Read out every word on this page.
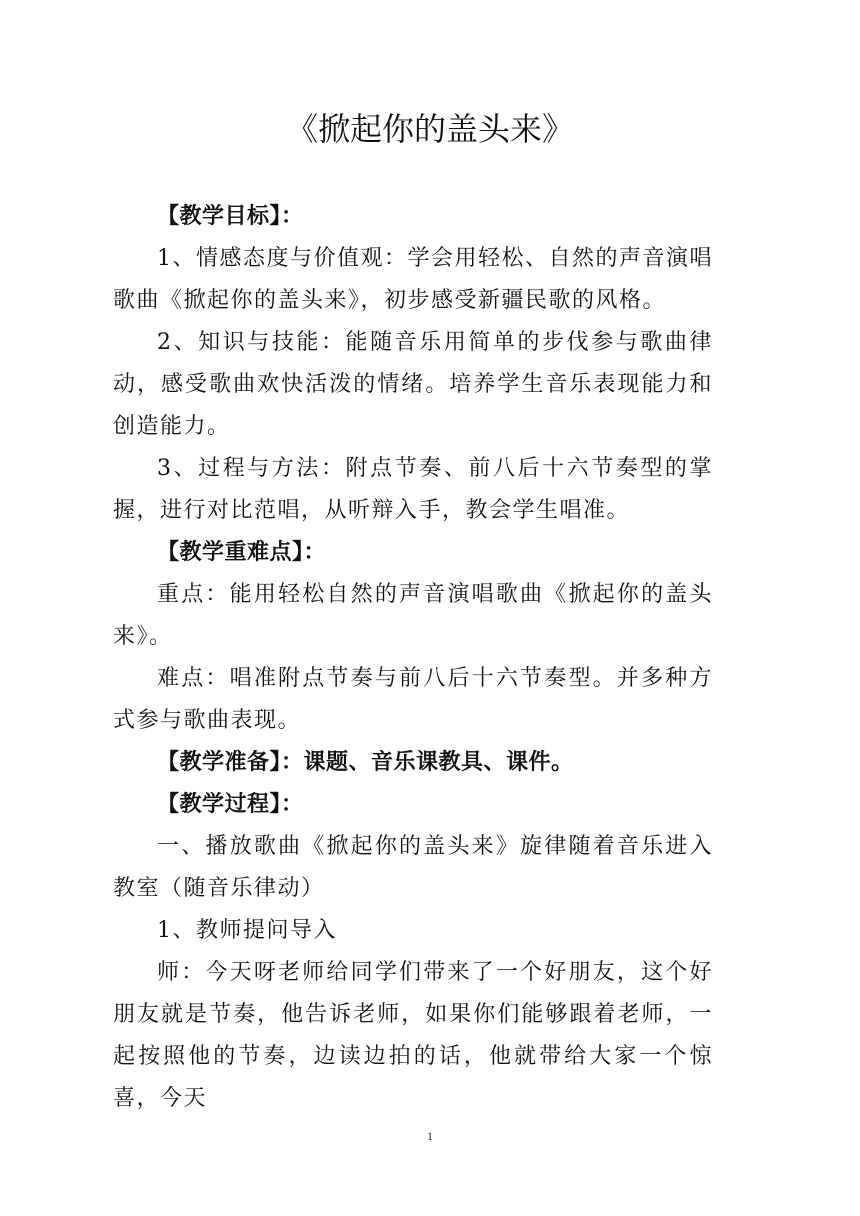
《掀起你的盖头来》

【教学目标】：

1、情感态度与价值观：学会用轻松、自然的声音演唱歌曲《掀起你的盖头来》，初步感受新疆民歌的风格。

2、知识与技能：能随音乐用简单的步伐参与歌曲律动，感受歌曲欢快活泼的情绪。培养学生音乐表现能力和创造能力。

3、过程与方法：附点节奏、前八后十六节奏型的掌握，进行对比范唱，从听辩入手，教会学生唱准。

【教学重难点】：

重点：能用轻松自然的声音演唱歌曲《掀起你的盖头来》。

难点：唱准附点节奏与前八后十六节奏型。并多种方式参与歌曲表现。

【教学准备】：课题、音乐课教具、课件。

【教学过程】：

一、播放歌曲《掀起你的盖头来》旋律随着音乐进入教室（随音乐律动）

1、教师提问导入

师：今天呀老师给同学们带来了一个好朋友，这个好朋友就是节奏，他告诉老师，如果你们能够跟着老师，一起按照他的节奏，边读边拍的话，他就带给大家一个惊喜，今天

1
